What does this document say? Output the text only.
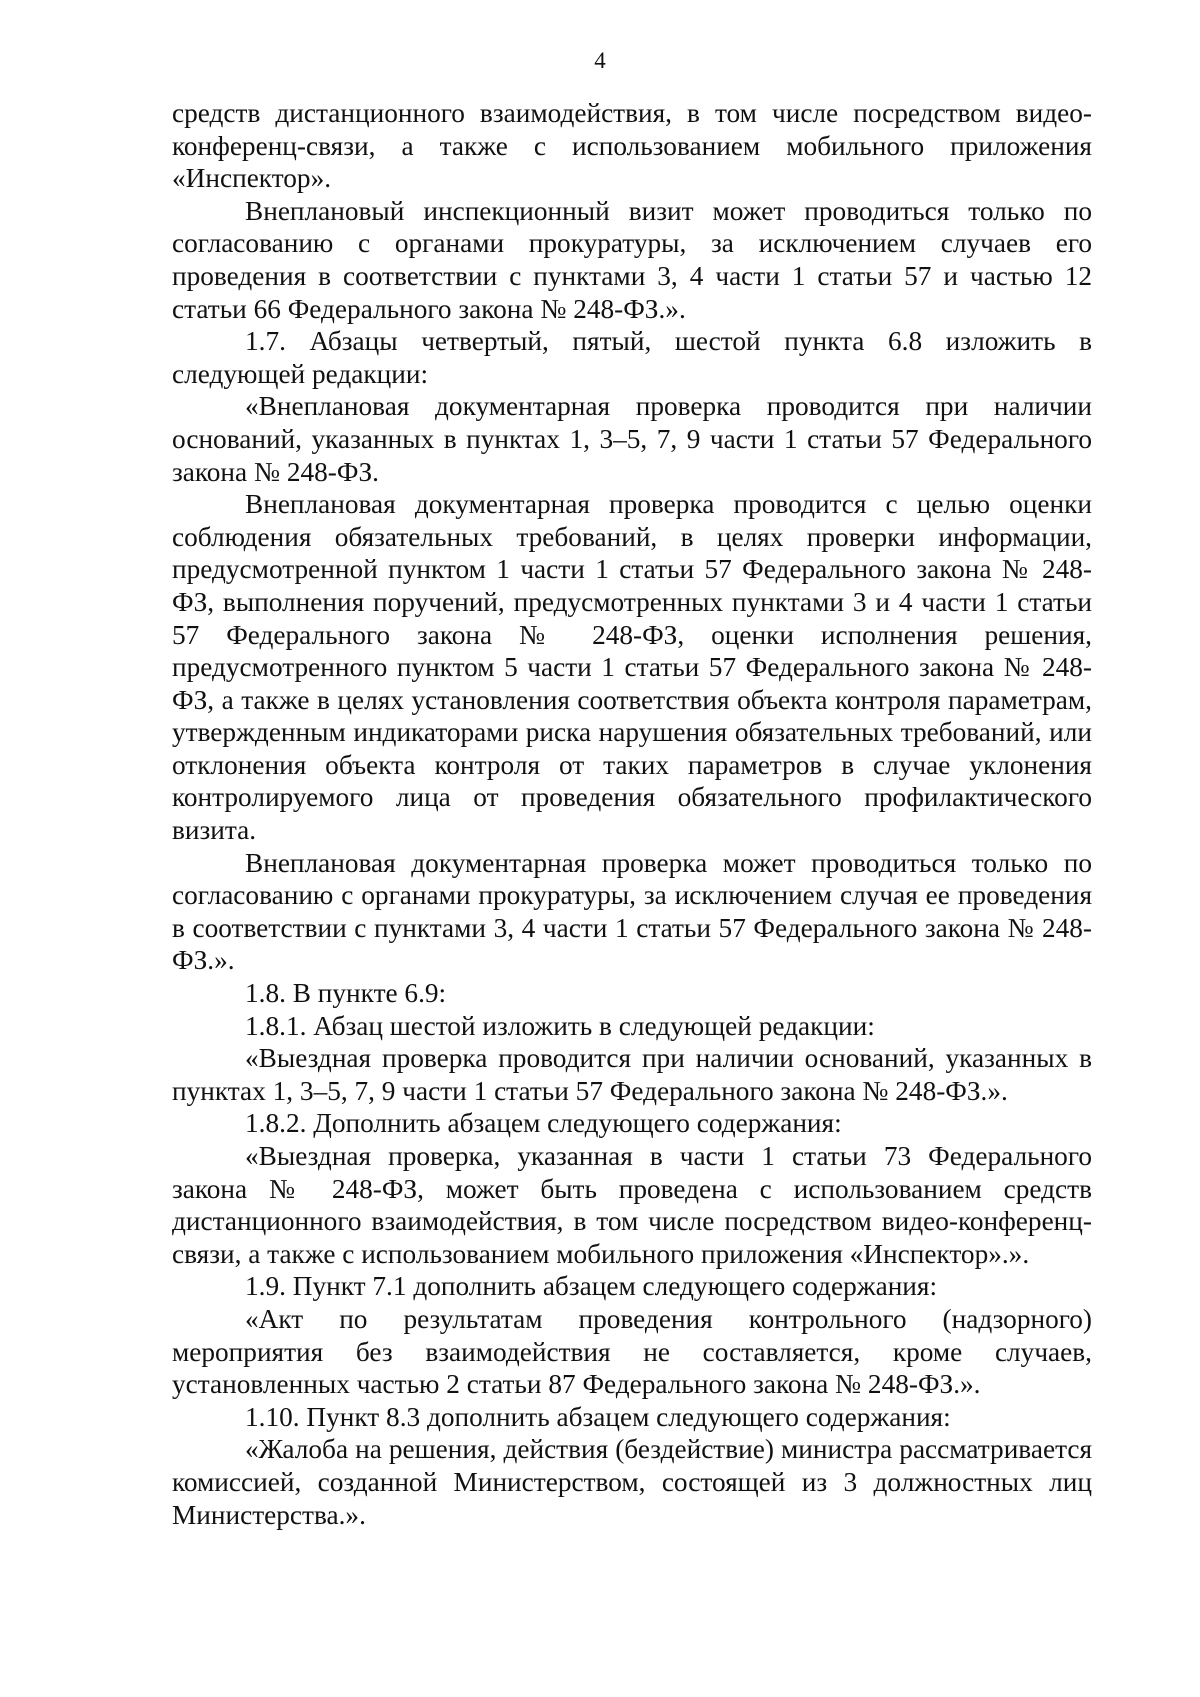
4

средств дистанционного взаимодействия, в том числе посредством видео-конференц-связи, а также с использованием мобильного приложения «Инспектор».

Внеплановый инспекционный визит может проводиться только по согласованию с органами прокуратуры, за исключением случаев его проведения в соответствии с пунктами 3, 4 части 1 статьи 57 и частью 12 статьи 66 Федерального закона № 248-ФЗ.».

1.7. Абзацы четвертый, пятый, шестой пункта 6.8 изложить в следующей редакции:

«Внеплановая документарная проверка проводится при наличии оснований, указанных в пунктах 1, 3–5, 7, 9 части 1 статьи 57 Федерального закона № 248-ФЗ.

Внеплановая документарная проверка проводится с целью оценки соблюдения обязательных требований, в целях проверки информации, предусмотренной пунктом 1 части 1 статьи 57 Федерального закона № 248-ФЗ, выполнения поручений, предусмотренных пунктами 3 и 4 части 1 статьи 57 Федерального закона № 248-ФЗ, оценки исполнения решения, предусмотренного пунктом 5 части 1 статьи 57 Федерального закона № 248-ФЗ, а также в целях установления соответствия объекта контроля параметрам, утвержденным индикаторами риска нарушения обязательных требований, или отклонения объекта контроля от таких параметров в случае уклонения контролируемого лица от проведения обязательного профилактического визита.

Внеплановая документарная проверка может проводиться только по согласованию с органами прокуратуры, за исключением случая ее проведения в соответствии с пунктами 3, 4 части 1 статьи 57 Федерального закона № 248-ФЗ.».

1.8. В пункте 6.9:

1.8.1. Абзац шестой изложить в следующей редакции:

«Выездная проверка проводится при наличии оснований, указанных в пунктах 1, 3–5, 7, 9 части 1 статьи 57 Федерального закона № 248-ФЗ.».

1.8.2. Дополнить абзацем следующего содержания:

«Выездная проверка, указанная в части 1 статьи 73 Федерального закона № 248-ФЗ, может быть проведена с использованием средств дистанционного взаимодействия, в том числе посредством видео-конференц-связи, а также с использованием мобильного приложения «Инспектор».».

1.9. Пункт 7.1 дополнить абзацем следующего содержания:

«Акт по результатам проведения контрольного (надзорного) мероприятия без взаимодействия не составляется, кроме случаев, установленных частью 2 статьи 87 Федерального закона № 248-ФЗ.».

1.10. Пункт 8.3 дополнить абзацем следующего содержания:

«Жалоба на решения, действия (бездействие) министра рассматривается комиссией, созданной Министерством, состоящей из 3 должностных лиц Министерства.».
